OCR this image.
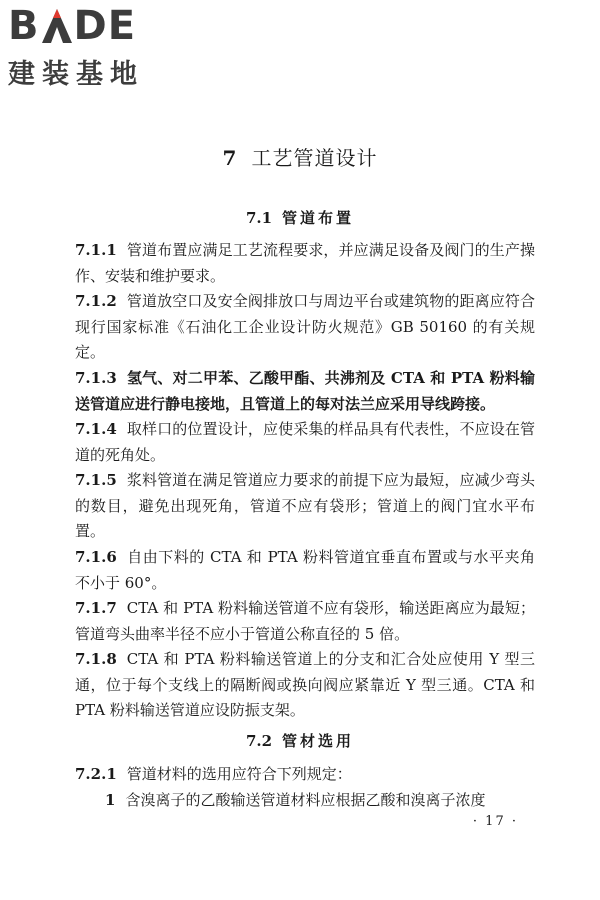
B DE
建装基地
7 工艺管道设计
7.1 管道布置
7.1.1 管道布置应满足工艺流程要求，并应满足设备及阀门的生产操作、安装和维护要求。
7.1.2 管道放空口及安全阀排放口与周边平台或建筑物的距离应符合现行国家标准《石油化工企业设计防火规范》GB 50160 的有关规定。
7.1.3 氢气、对二甲苯、乙酸甲酯、共沸剂及 CTA 和 PTA 粉料输送管道应进行静电接地，且管道上的每对法兰应采用导线跨接。
7.1.4 取样口的位置设计，应使采集的样品具有代表性，不应设在管道的死角处。
7.1.5 浆料管道在满足管道应力要求的前提下应为最短，应减少弯头的数目，避免出现死角，管道不应有袋形；管道上的阀门宜水平布置。
7.1.6 自由下料的 CTA 和 PTA 粉料管道宜垂直布置或与水平夹角不小于 60°。
7.1.7 CTA 和 PTA 粉料输送管道不应有袋形，输送距离应为最短；管道弯头曲率半径不应小于管道公称直径的 5 倍。
7.1.8 CTA 和 PTA 粉料输送管道上的分支和汇合处应使用 Y 型三通，位于每个支线上的隔断阀或换向阀应紧靠近 Y 型三通。CTA 和 PTA 粉料输送管道应设防振支架。
7.2 管材选用
7.2.1 管道材料的选用应符合下列规定：
1 含溴离子的乙酸输送管道材料应根据乙酸和溴离子浓度
· 17 ·
